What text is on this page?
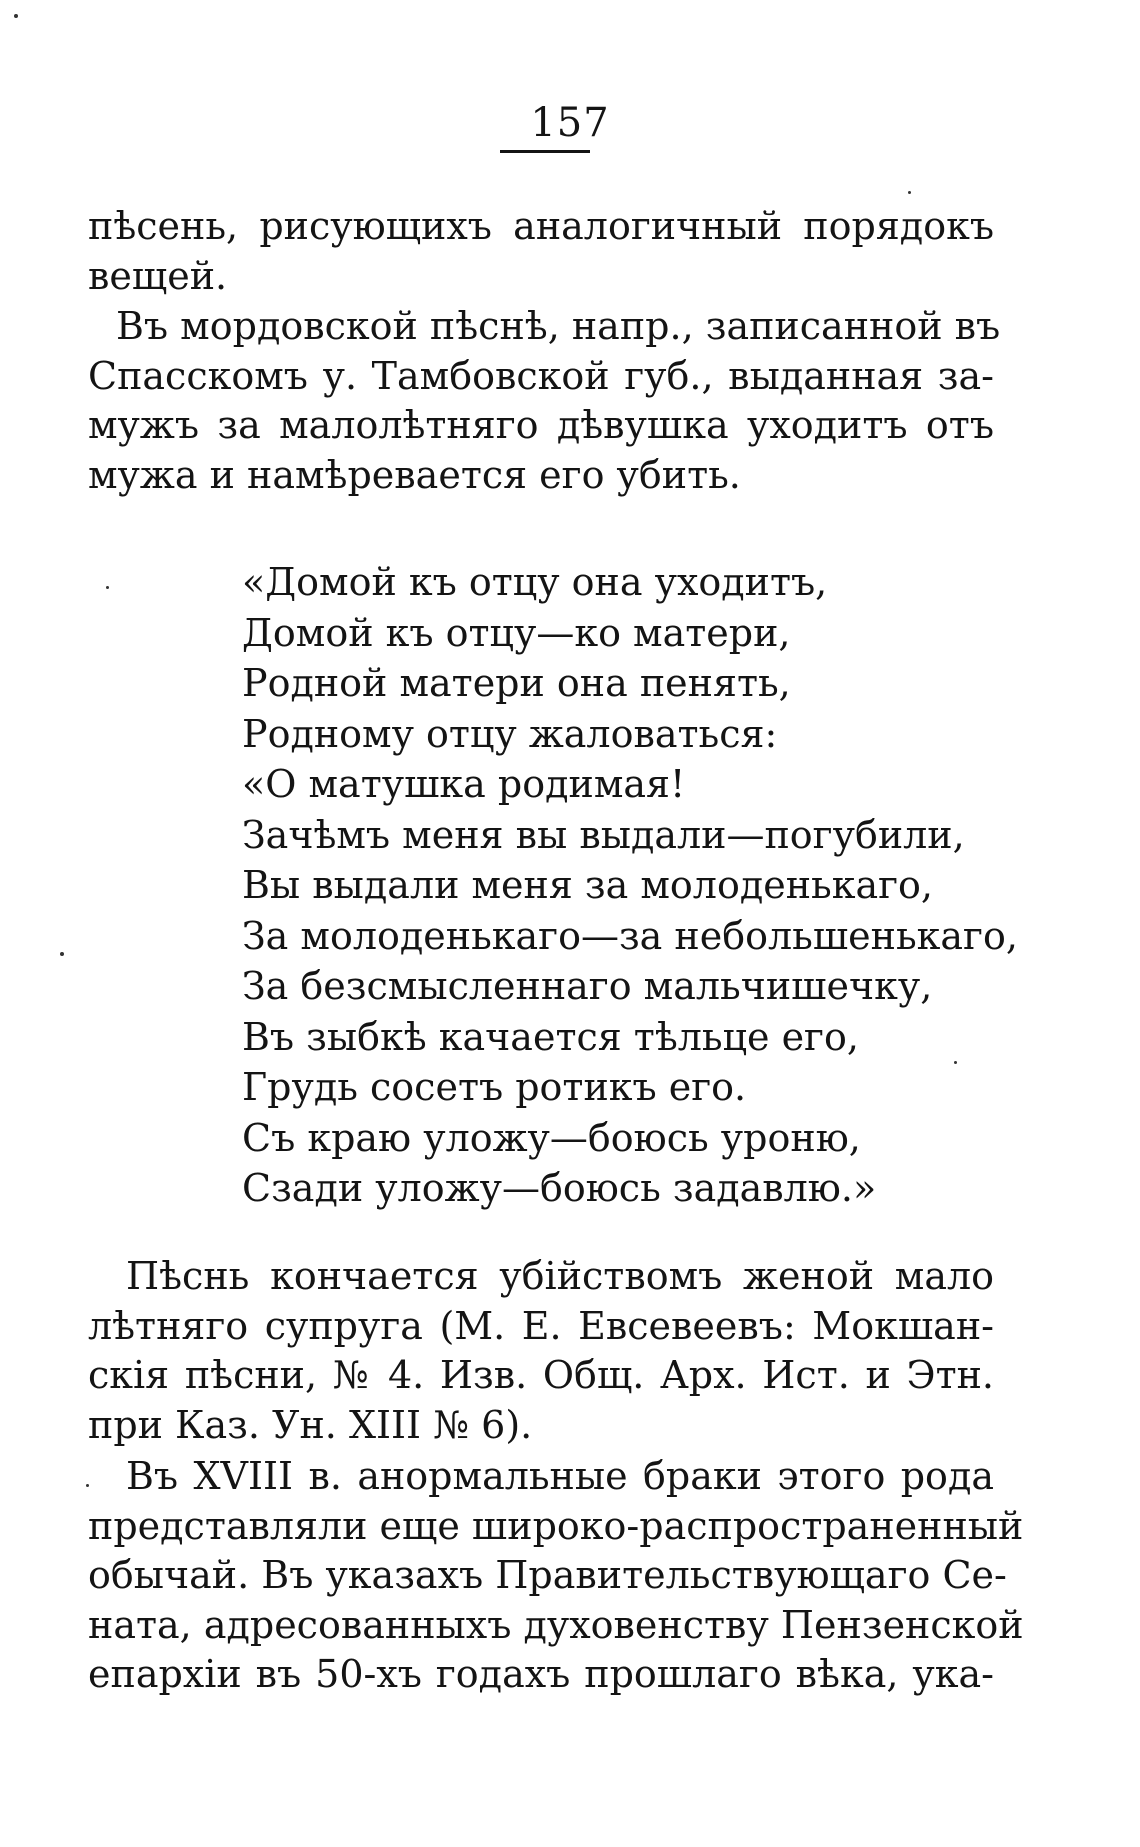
157
пѣсень, рисующихъ аналогичный порядокъ
вещей.
Въ мордовской пѣснѣ, напр., записанной въ
Спасскомъ у. Тамбовской губ., выданная за-
мужъ за малолѣтняго дѣвушка уходитъ отъ
мужа и намѣревается его убить.
«Домой къ отцу она уходитъ,
Домой къ отцу—ко матери,
Родной матери она пенять,
Родному отцу жаловаться:
«О матушка родимая!
Зачѣмъ меня вы выдали—погубили,
Вы выдали меня за молоденькаго,
За молоденькаго—за небольшенькаго,
За безсмысленнаго мальчишечку,
Въ зыбкѣ качается тѣльце его,
Грудь сосетъ ротикъ его.
Съ краю уложу—боюсь уроню,
Сзади уложу—боюсь задавлю.»
Пѣснь кончается убійствомъ женой мало
лѣтняго супруга (М. Е. Евсевеевъ: Мокшан-
скія пѣсни, № 4. Изв. Общ. Арх. Ист. и Этн.
при Каз. Ун. XIII № 6).
Въ XVIII в. анормальные браки этого рода
представляли еще широко-распространенный
обычай. Въ указахъ Правительствующаго Се-
ната, адресованныхъ духовенству Пензенской
епархіи въ 50-хъ годахъ прошлаго вѣка, ука-
